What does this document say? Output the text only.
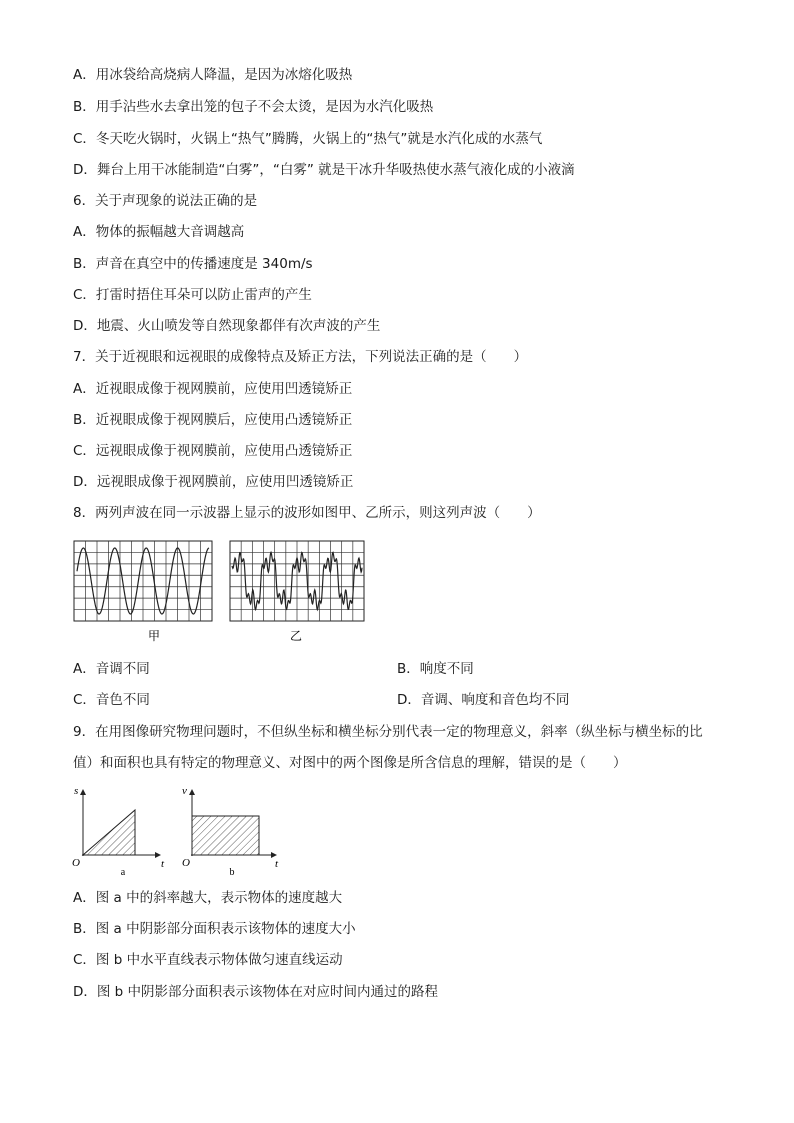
A．用冰袋给高烧病人降温，是因为冰熔化吸热
B．用手沾些水去拿出笼的包子不会太烫，是因为水汽化吸热
C．冬天吃火锅时，火锅上“热气”腾腾，火锅上的“热气”就是水汽化成的水蒸气
D．舞台上用干冰能制造“白雾”，“白雾” 就是干冰升华吸热使水蒸气液化成的小液滴
6．关于声现象的说法正确的是
A．物体的振幅越大音调越高
B．声音在真空中的传播速度是 340m/s
C．打雷时捂住耳朵可以防止雷声的产生
D．地震、火山喷发等自然现象都伴有次声波的产生
7．关于近视眼和远视眼的成像特点及矫正方法，下列说法正确的是（　　）
A．近视眼成像于视网膜前，应使用凹透镜矫正
B．近视眼成像于视网膜后，应使用凸透镜矫正
C．远视眼成像于视网膜前，应使用凸透镜矫正
D．远视眼成像于视网膜前，应使用凹透镜矫正
8．两列声波在同一示波器上显示的波形如图甲、乙所示，则这列声波（　　）
甲	乙
A．音调不同	B．响度不同
C．音色不同	D．音调、响度和音色均不同
9．在用图像研究物理问题时，不但纵坐标和横坐标分别代表一定的物理意义，斜率（纵坐标与横坐标的比
值）和面积也具有特定的物理意义、对图中的两个图像是所含信息的理解，错误的是（　　）
s
t
O
a
v
t
O
b
A．图 a 中的斜率越大，表示物体的速度越大
B．图 a 中阴影部分面积表示该物体的速度大小
C．图 b 中水平直线表示物体做匀速直线运动
D．图 b 中阴影部分面积表示该物体在对应时间内通过的路程
